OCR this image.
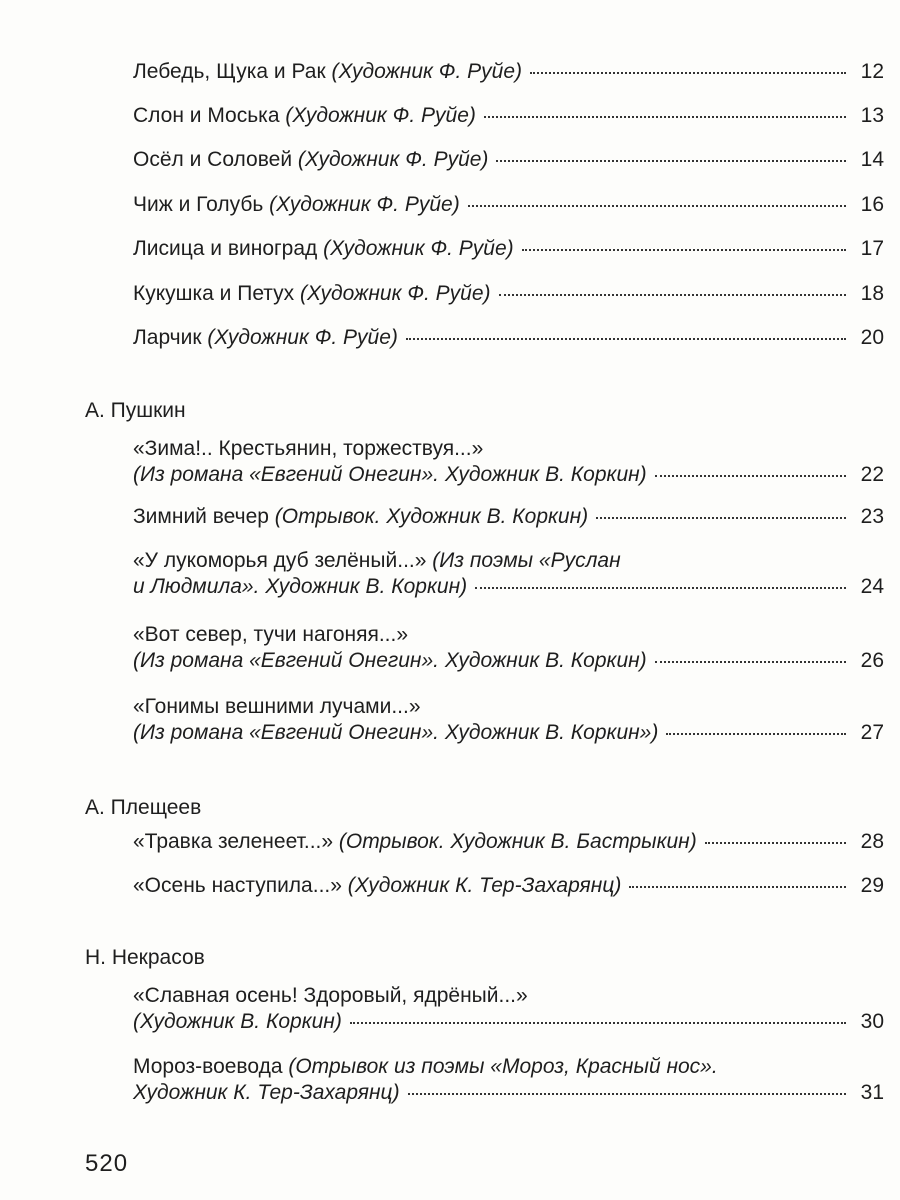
Лебедь, Щука и Рак (Художник Ф. Руйе)	12
Слон и Моська (Художник Ф. Руйе)	13
Осёл и Соловей (Художник Ф. Руйе)	14
Чиж и Голубь (Художник Ф. Руйе)	16
Лисица и виноград (Художник Ф. Руйе)	17
Кукушка и Петух (Художник Ф. Руйе)	18
Ларчик (Художник Ф. Руйе)	20
А. Пушкин
«Зима!.. Крестьянин, торжествуя...»
(Из романа «Евгений Онегин». Художник В. Коркин)	22
Зимний вечер (Отрывок. Художник В. Коркин)	23
«У лукоморья дуб зелёный...» (Из поэмы «Руслан
и Людмила». Художник В. Коркин)	24
«Вот север, тучи нагоняя...»
(Из романа «Евгений Онегин». Художник В. Коркин)	26
«Гонимы вешними лучами...»
(Из романа «Евгений Онегин». Художник В. Коркин»)	27
А. Плещеев
«Травка зеленеет...» (Отрывок. Художник В. Бастрыкин)	28
«Осень наступила...» (Художник К. Тер-Захарянц)	29
Н. Некрасов
«Славная осень! Здоровый, ядрёный...»
(Художник В. Коркин)	30
Мороз-воевода (Отрывок из поэмы «Мороз, Красный нос».
Художник К. Тер-Захарянц)	31
520
